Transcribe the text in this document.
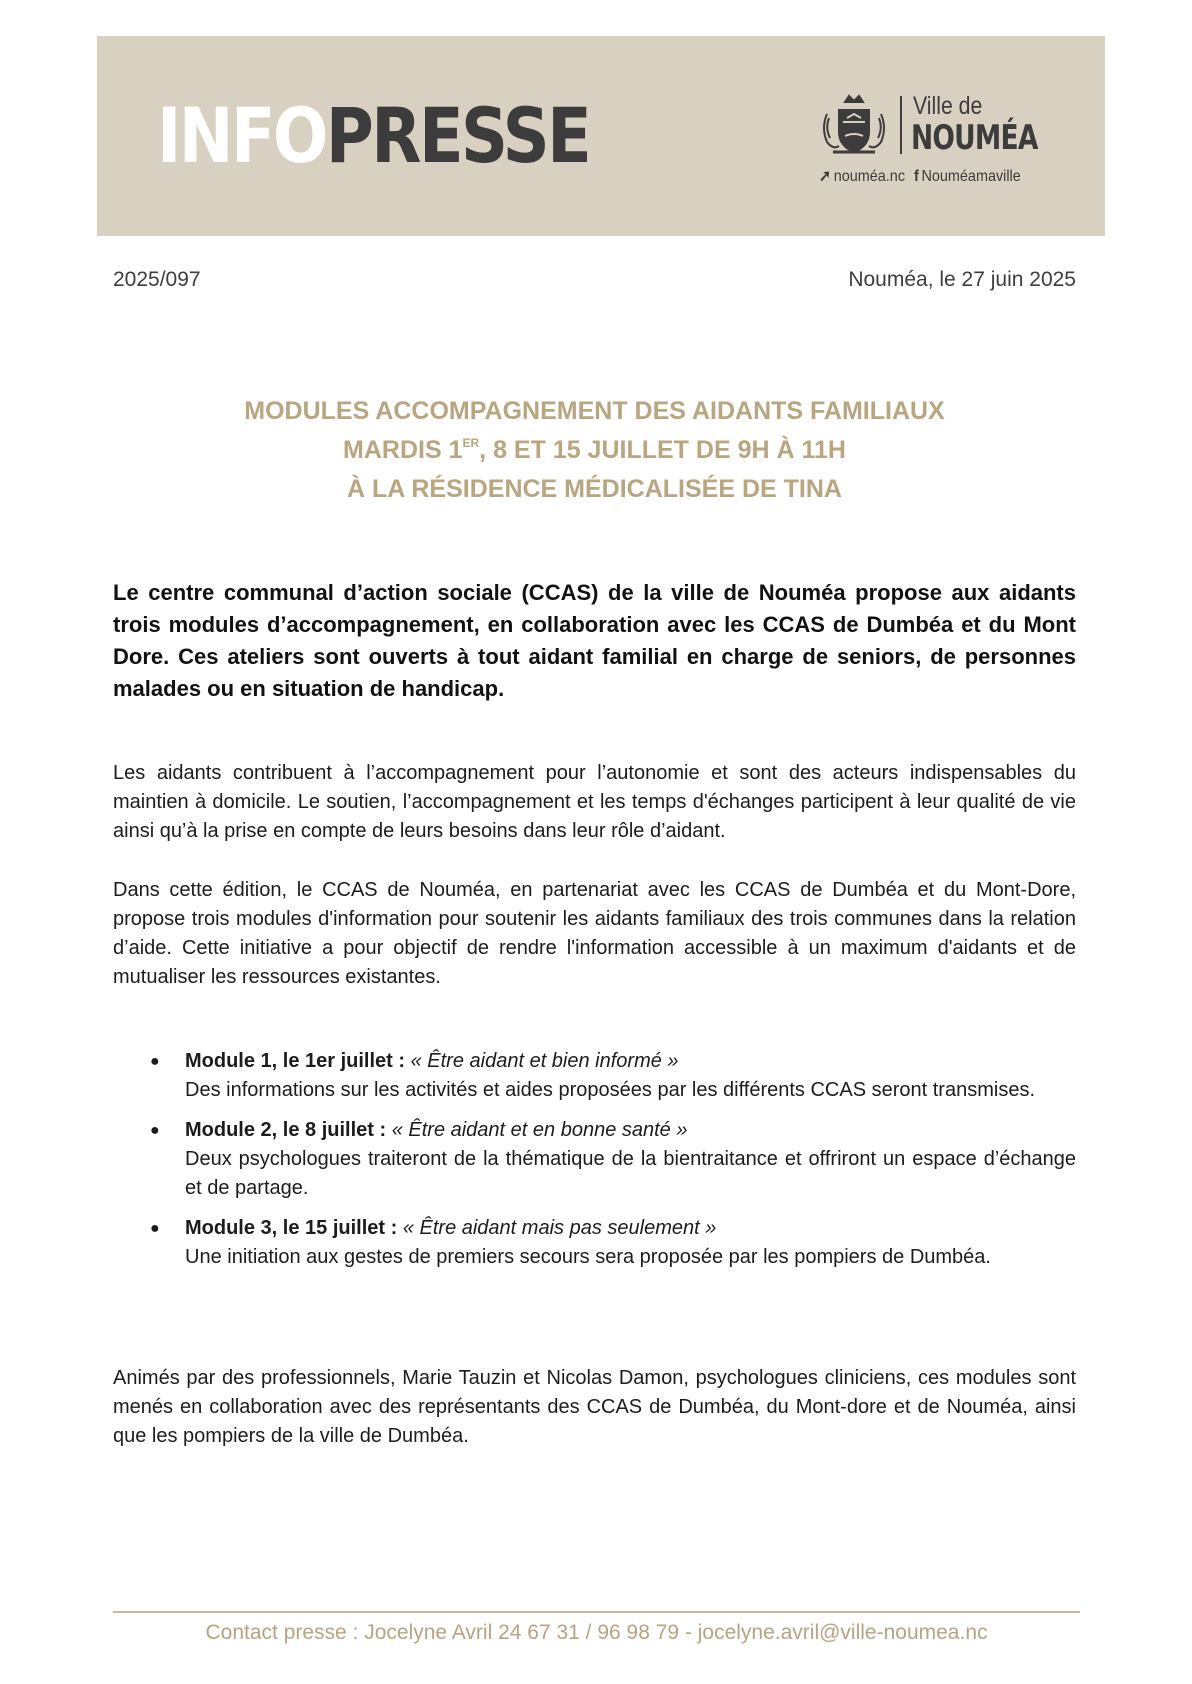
INFOPRESSE	Ville de
NOUMÉA
➚ nouméa.nc f Nouméamaville
2025/097	Nouméa, le 27 juin 2025
MODULES ACCOMPAGNEMENT DES AIDANTS FAMILIAUX
MARDIS 1ER, 8 ET 15 JUILLET DE 9H À 11H
À LA RÉSIDENCE MÉDICALISÉE DE TINA
Le centre communal d’action sociale (CCAS) de la ville de Nouméa propose aux aidants trois modules d’accompagnement, en collaboration avec les CCAS de Dumbéa et du Mont Dore. Ces ateliers sont ouverts à tout aidant familial en charge de seniors, de personnes malades ou en situation de handicap.
Les aidants contribuent à l’accompagnement pour l’autonomie et sont des acteurs indispensables du maintien à domicile. Le soutien, l’accompagnement et les temps d'échanges participent à leur qualité de vie ainsi qu’à la prise en compte de leurs besoins dans leur rôle d’aidant.
Dans cette édition, le CCAS de Nouméa, en partenariat avec les CCAS de Dumbéa et du Mont-Dore, propose trois modules d'information pour soutenir les aidants familiaux des trois communes dans la relation d’aide. Cette initiative a pour objectif de rendre l'information accessible à un maximum d'aidants et de mutualiser les ressources existantes.
● Module 1, le 1er juillet : « Être aidant et bien informé »
Des informations sur les activités et aides proposées par les différents CCAS seront transmises.
● Module 2, le 8 juillet : « Être aidant et en bonne santé »
Deux psychologues traiteront de la thématique de la bientraitance et offriront un espace d’échange et de partage.
● Module 3, le 15 juillet : « Être aidant mais pas seulement »
Une initiation aux gestes de premiers secours sera proposée par les pompiers de Dumbéa.
Animés par des professionnels, Marie Tauzin et Nicolas Damon, psychologues cliniciens, ces modules sont menés en collaboration avec des représentants des CCAS de Dumbéa, du Mont-dore et de Nouméa, ainsi que les pompiers de la ville de Dumbéa.
Contact presse : Jocelyne Avril 24 67 31 / 96 98 79 - jocelyne.avril@ville-noumea.nc
